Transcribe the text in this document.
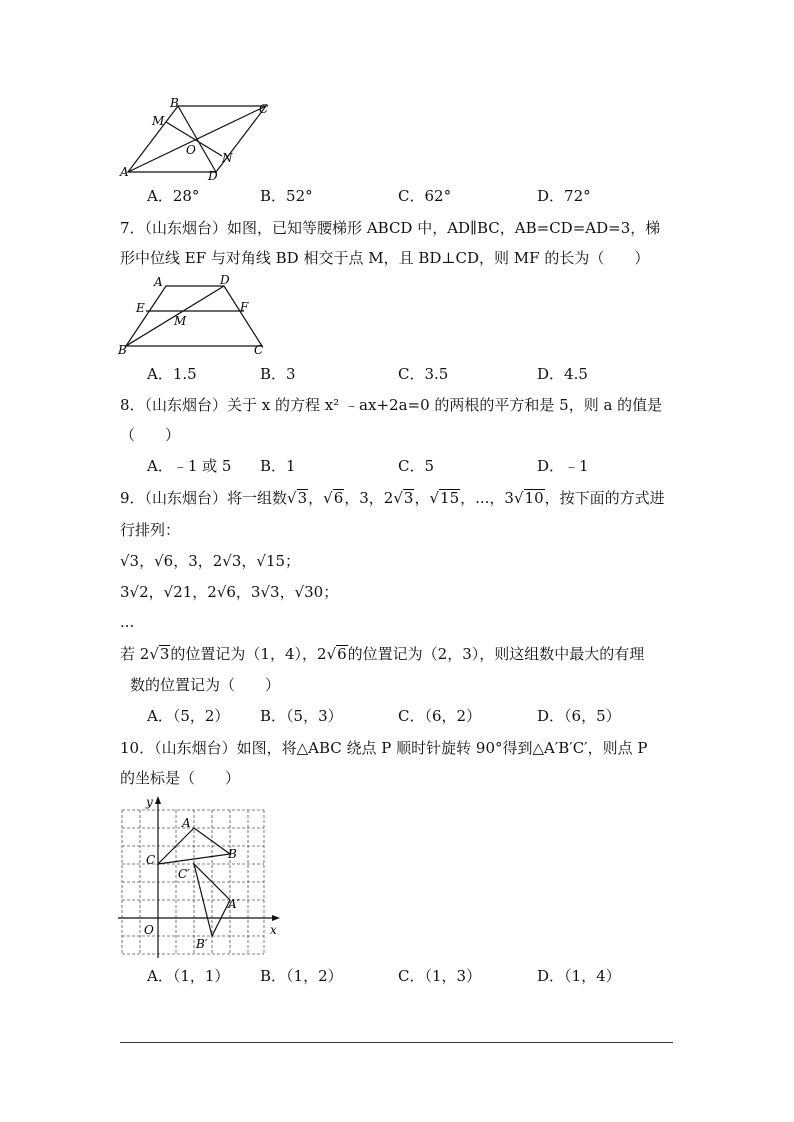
B	C
M
O
N
A	D
A．28°	B．52°	C．62°	D．72°
7．（山东烟台）如图，已知等腰梯形 ABCD 中，AD∥BC，AB=CD=AD=3，梯
形中位线 EF 与对角线 BD 相交于点 M，且 BD⊥CD，则 MF 的长为（　　）
A	D
E	F
M
B	C
A．1.5	B．3	C．3.5	D．4.5
8．（山东烟台）关于 x 的方程 x² ﹣ax+2a=0 的两根的平方和是 5，则 a 的值是
（　　）
A．﹣1 或 5 B．1	C．5	D．﹣1
9．（山东烟台）将一组数√3，√6，3，2√3，√15，...，3√10，按下面的方式进
行排列：
√3，√6，3，2√3，√15；
3√2，√21，2√6，3√3，√30；
...
若 2√3的位置记为（1，4），2√6的位置记为（2，3），则这组数中最大的有理
数的位置记为（　　）
A．（5，2） B．（5，3）	C．（6，2）	D．（6，5）
10．（山东烟台）如图，将△ABC 绕点 P 顺时针旋转 90°得到△A′B′C′，则点 P
的坐标是（　　）
y
A
C	B
C′
A′
O
B′
x
A．（1，1） B．（1，2）	C．（1，3）	D．（1，4）
